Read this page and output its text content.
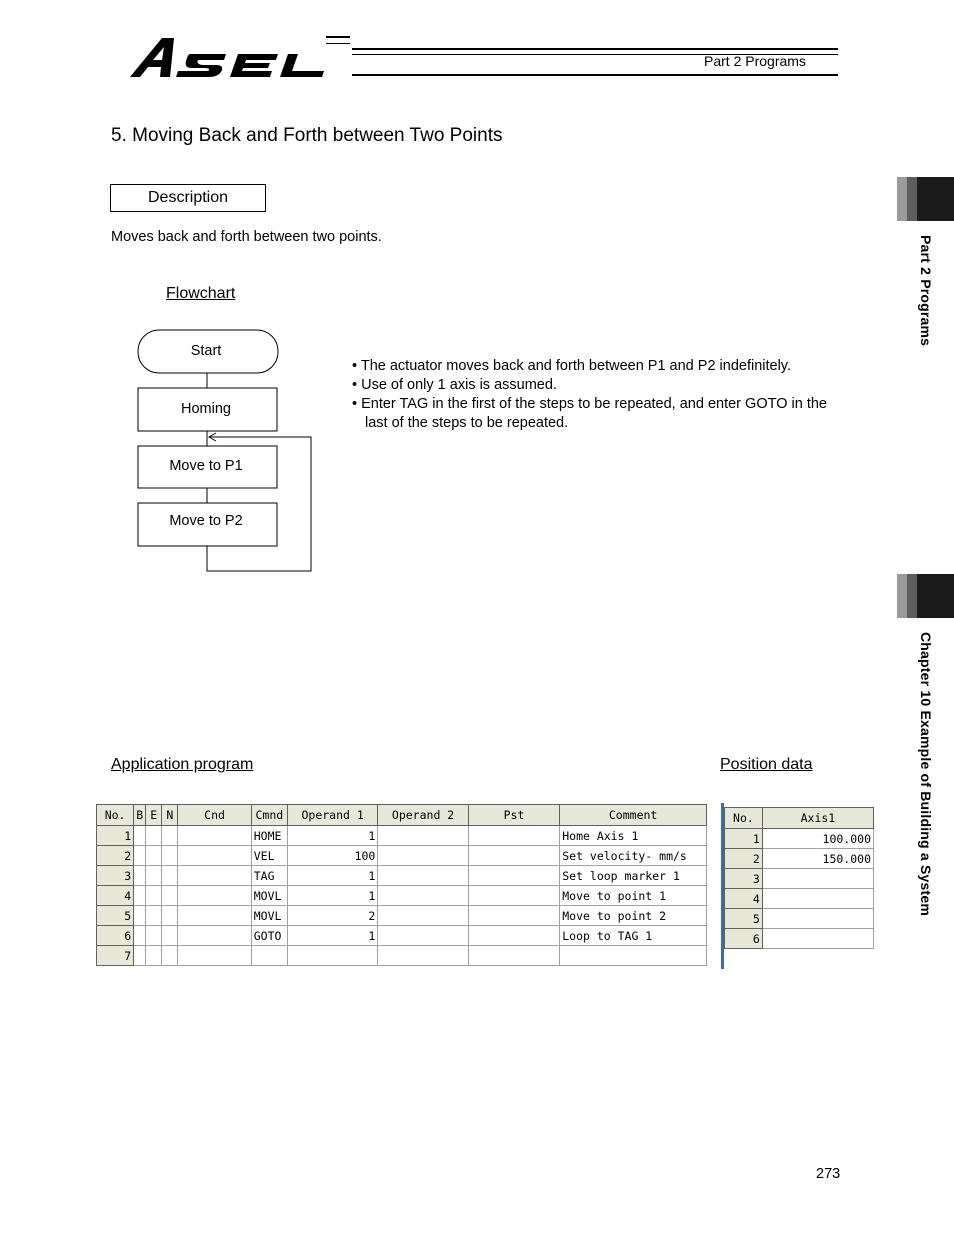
Part 2 Programs
Part 2 Programs
Chapter 10 Example of Building a System
5. Moving Back and Forth between Two Points
Description
Moves back and forth between two points.
Flowchart
Start
Homing
Move to P1
Move to P2
• The actuator moves back and forth between P1 and P2 indefinitely.
• Use of only 1 axis is assumed.
• Enter TAG in the first of the steps to be repeated, and enter GOTO in the last of the steps to be repeated.
Application program	Position data
No.	B	E	N	Cnd	Cmnd	Operand 1	Operand 2	Pst	Comment
1					HOME	1			Home Axis 1
2					VEL	100			Set velocity- mm/s
3					TAG	1			Set loop marker 1
4					MOVL	1			Move to point 1
5					MOVL	2			Move to point 2
6					GOTO	1			Loop to TAG 1
7									
No.	Axis1
1	100.000
2	150.000
3	
4	
5	
6	
273
